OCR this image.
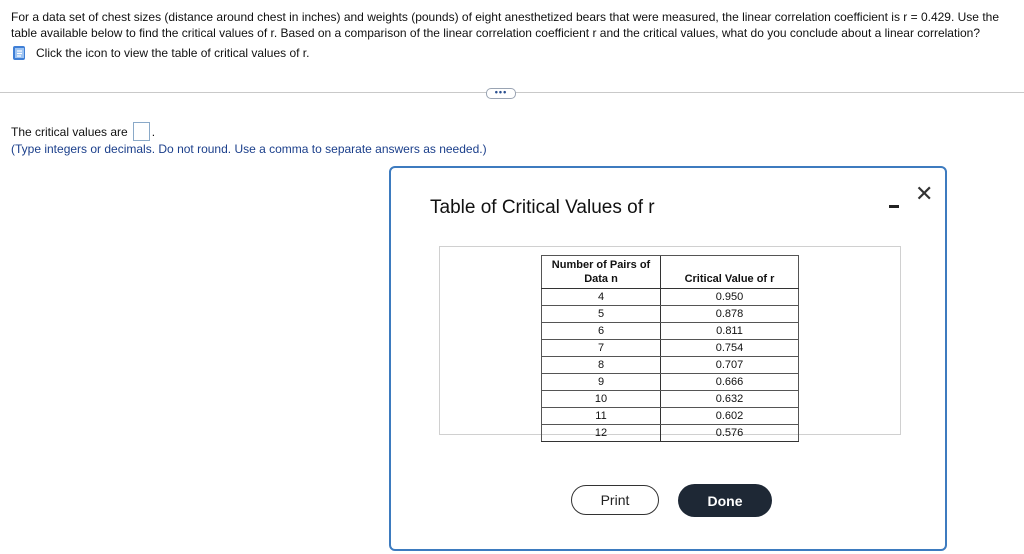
For a data set of chest sizes (distance around chest in inches) and weights (pounds) of eight anesthetized bears that were measured, the linear correlation coefficient is r = 0.429. Use the table available below to find the critical values of r. Based on a comparison of the linear correlation coefficient r and the critical values, what do you conclude about a linear correlation?
Click the icon to view the table of critical values of r.
•••
The critical values are .
(Type integers or decimals. Do not round. Use a comma to separate answers as needed.)
Table of Critical Values of r
✕
Number of Pairs of Data n	Critical Value of r
4	0.950
5	0.878
6	0.811
7	0.754
8	0.707
9	0.666
10	0.632
11	0.602
12	0.576
Print	Done
